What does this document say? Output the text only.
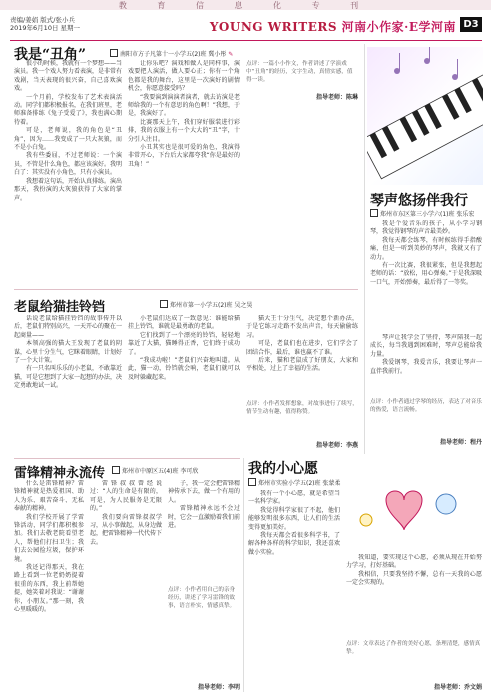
教 育 信 息 化 专 刊
责编/姜娟 版式/张小兵
2019年6月10日 星期一	YOUNG WRITERS 河南小作家·E学河南 D3
我是“丑角”	南阳市方子凡第十一小学五(2)班 冀小彤 ✎

很小的时候，我就有一个梦想——当演员。我一个戏人努力看表演，是非常有戏剧，当天表现的很兴奋，自己喜欢演戏。

一个月前，学校发布了艺术表演活动。同学们都积极报名，在我们班里，老师准备排练《兔子受爱了》，我也满心期待着。

可是，老师说，我的角色是“丑角”，因为……我变成了一只大灰狼，而不是小白兔。

我有些委屈，不过老师说：一个演员，不管是什么角色，都应该演好。我明白了：其实没有小角色，只有小演员。

我想着这句话，开始认真排练。演出那天，我扮演的大灰狼获得了大家的掌声。

让你乐吧？演戏和做人是同样事，演戏要把人演活，做人要心正；你有一个角色都是我的舞台，这里是一次演好的剧情机会，你愿意接受吗？

“我要演到演演者演者，就去访演是老师给我的一个有意思的角色啊！”我想，于是，我演好了。

比赛那天上午，我们穿好服装进行彩排，我的衣服上有一个大大的“丑”字，十分引人注目。

小丑其实也是很可爱的角色，我演得非常开心，下台后大家都夸我“你是最好的丑角！”

点评：一篇小小作文，作者讲述了学演戏中“丑角”的经历，文字生动，真情实感，值得一读。
指导老师：陈琳
琴声悠扬伴我行
郑州市东区第三小学六(1)班 张乐宏

我是个爱音乐的孩子，从小学习钢琴，我觉得钢琴的声音最美妙。

我每天都会练琴，有时候练得手指酸痛，但是一听到美妙的琴声，我就又有了动力。

有一次比赛，我很紧张，但是我想起老师的话：“放松，用心弹奏。”于是我深吸一口气，开始弹奏，最后得了一等奖。

琴声让我学会了坚持，琴声陪我一起成长，每当我遇到困难时，琴声总能给我力量。

我爱钢琴，我爱音乐，我要让琴声一直伴我前行。

点评：小作者通过学琴的经历，表达了对音乐的热爱，语言流畅。
指导老师：程丹
老鼠给猫挂铃铛	郑州市第一小学五(2)班 吴之昊

话说老鼠给猫挂铃铛的故事传开以后，老鼠们特别高兴，一天开心的聚在一起商量——

本领高强的猫大王发现了老鼠的阴谋，心里十分生气，它眯着眼睛，计划好了一个大计策。

有一只名叫乐乐的小老鼠，不敢靠近猫，可是它想到了大家一起想的办法，决定勇敢地试一试。

小老鼠们达成了一致意见：谁能给猫挂上铃铛，谁就是最勇敢的老鼠。

它们找到了一个漂亮的铃铛，轻轻地靠近了大猫，猫睡得正香，它们终于成功了。

“我成功啦！”老鼠们兴奋地叫道。从此，猫一动，铃铛就会响，老鼠们就可以及时躲藏起来。

猫大王十分生气，决定想个新办法，于是它练习走路不发出声音，每天偷偷练习。

可是，老鼠们也在进步，它们学会了团结合作，最后，谁也赢不了谁。

后来，猫和老鼠成了好朋友，大家和平相处，过上了幸福的生活。

点评：小作者发挥想象，对故事进行了续写，情节生动有趣，值得称赞。
指导老师：李燕
我的小心愿
郑州市实验小学五(2)班 张蒙柔

我有一个小心愿，就是希望当一名科学家。

我觉得科学家很了不起，他们能够发明很多东西，让人们的生活变得更加美好。

我每天都会看很多科学书，了解各种各样的科学知识，我还喜欢做小实验。

我知道，要实现这个心愿，必须从现在开始努力学习，打好基础。

我相信，只要我坚持不懈，总有一天我的心愿一定会实现的。

点评：文章表达了作者的美好心愿，条理清楚，感情真挚。
指导老师：乔文娟
雷锋精神永流传	郑州市中原区五(4)班 李可欣

什么是雷锋精神？雷锋精神就是热爱祖国、助人为乐、艰苦奋斗、无私奉献的精神。

我们学校开展了学雷锋活动，同学们都积极参加。我们去敬老院看望老人，帮他们打扫卫生；我们去公园捡垃圾，保护环境。

我还记得那天，我在路上看到一位老奶奶提着很重的东西，我上前帮她提，她笑着对我说：“谢谢你，小朋友。”那一刻，我心里暖暖的。

雷锋叔叔曾经说过：“人的生命是有限的，可是，为人民服务是无限的。”

我们要向雷锋叔叔学习，从小事做起，从身边做起，把雷锋精神一代代传下去。

子，我一定会把雷锋精神传承下去，做一个有用的人。

雷锋精神永远不会过时，它会一直激励着我们前进。

点评：小作者用自己的亲身经历，讲述了学习雷锋的故事，语言朴实，情感真挚。
指导老师：李明
